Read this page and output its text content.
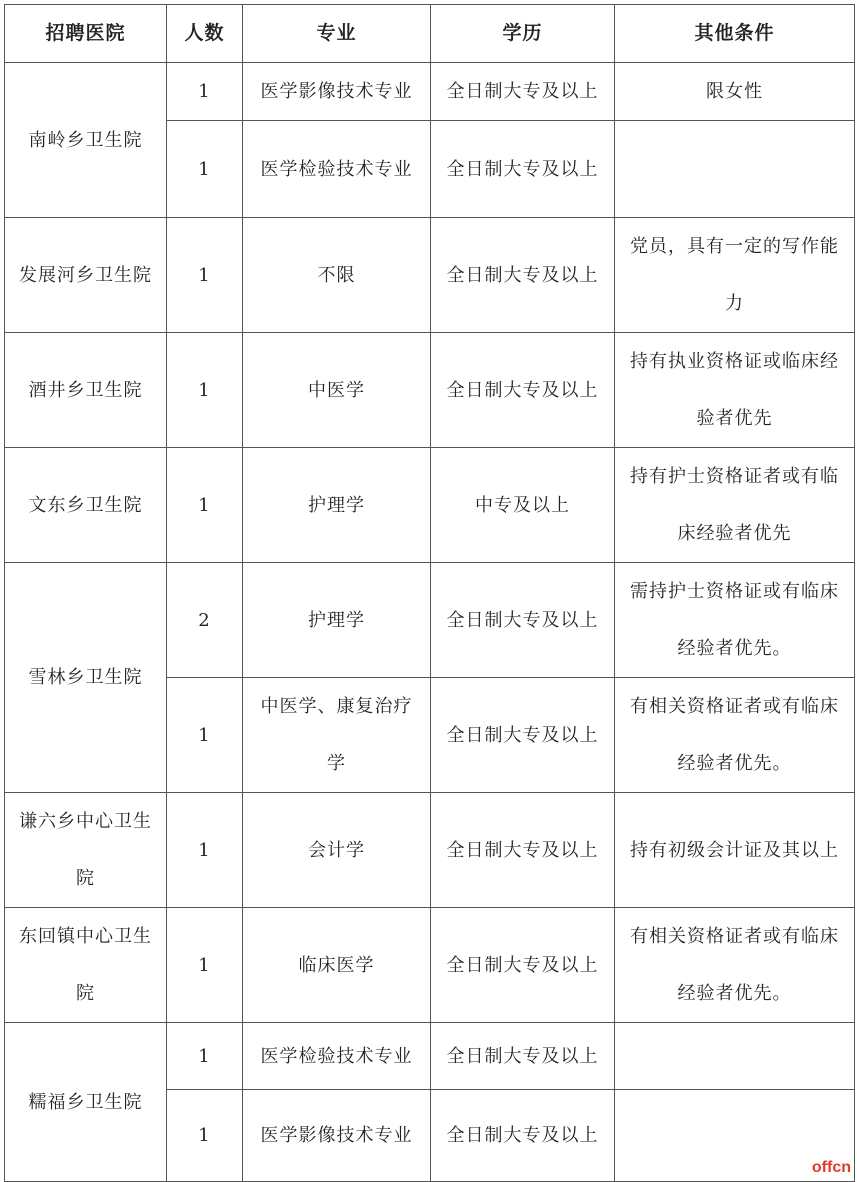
招聘医院	人数	专业	学历	其他条件
南岭乡卫生院	1	医学影像技术专业	全日制大专及以上	限女性
	1	医学检验技术专业	全日制大专及以上	
发展河乡卫生院	1	不限	全日制大专及以上	党员，具有一定的写作能力
酒井乡卫生院	1	中医学	全日制大专及以上	持有执业资格证或临床经验者优先
文东乡卫生院	1	护理学	中专及以上	持有护士资格证者或有临床经验者优先
雪林乡卫生院	2	护理学	全日制大专及以上	需持护士资格证或有临床经验者优先。
	1	中医学、康复治疗学	全日制大专及以上	有相关资格证者或有临床经验者优先。
谦六乡中心卫生院	1	会计学	全日制大专及以上	持有初级会计证及其以上
东回镇中心卫生院	1	临床医学	全日制大专及以上	有相关资格证者或有临床经验者优先。
糯福乡卫生院	1	医学检验技术专业	全日制大专及以上	
	1	医学影像技术专业	全日制大专及以上	
offcn
